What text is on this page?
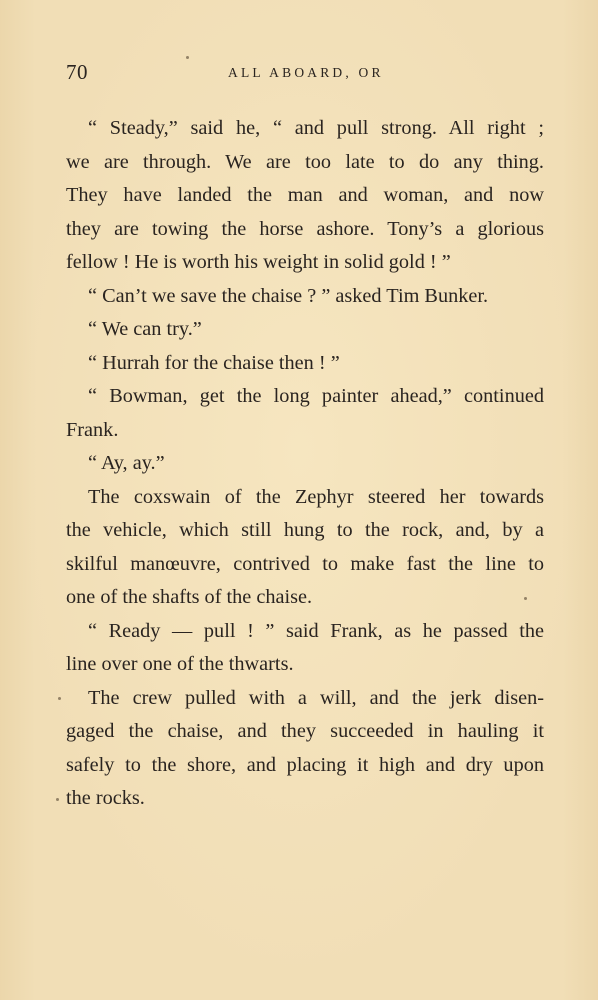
70	ALL ABOARD, OR
“ Steady,” said he, “ and pull strong. All right ;
we are through. We are too late to do any thing.
They have landed the man and woman, and now
they are towing the horse ashore. Tony’s a glorious
fellow ! He is worth his weight in solid gold ! ”
“ Can’t we save the chaise ? ” asked Tim Bunker.
“ We can try.”
“ Hurrah for the chaise then ! ”
“ Bowman, get the long painter ahead,” continued
Frank.
“ Ay, ay.”
The coxswain of the Zephyr steered her towards
the vehicle, which still hung to the rock, and, by a
skilful manœuvre, contrived to make fast the line to
one of the shafts of the chaise.
“ Ready — pull ! ” said Frank, as he passed the
line over one of the thwarts.
The crew pulled with a will, and the jerk disen-
gaged the chaise, and they succeeded in hauling it
safely to the shore, and placing it high and dry upon
the rocks.
